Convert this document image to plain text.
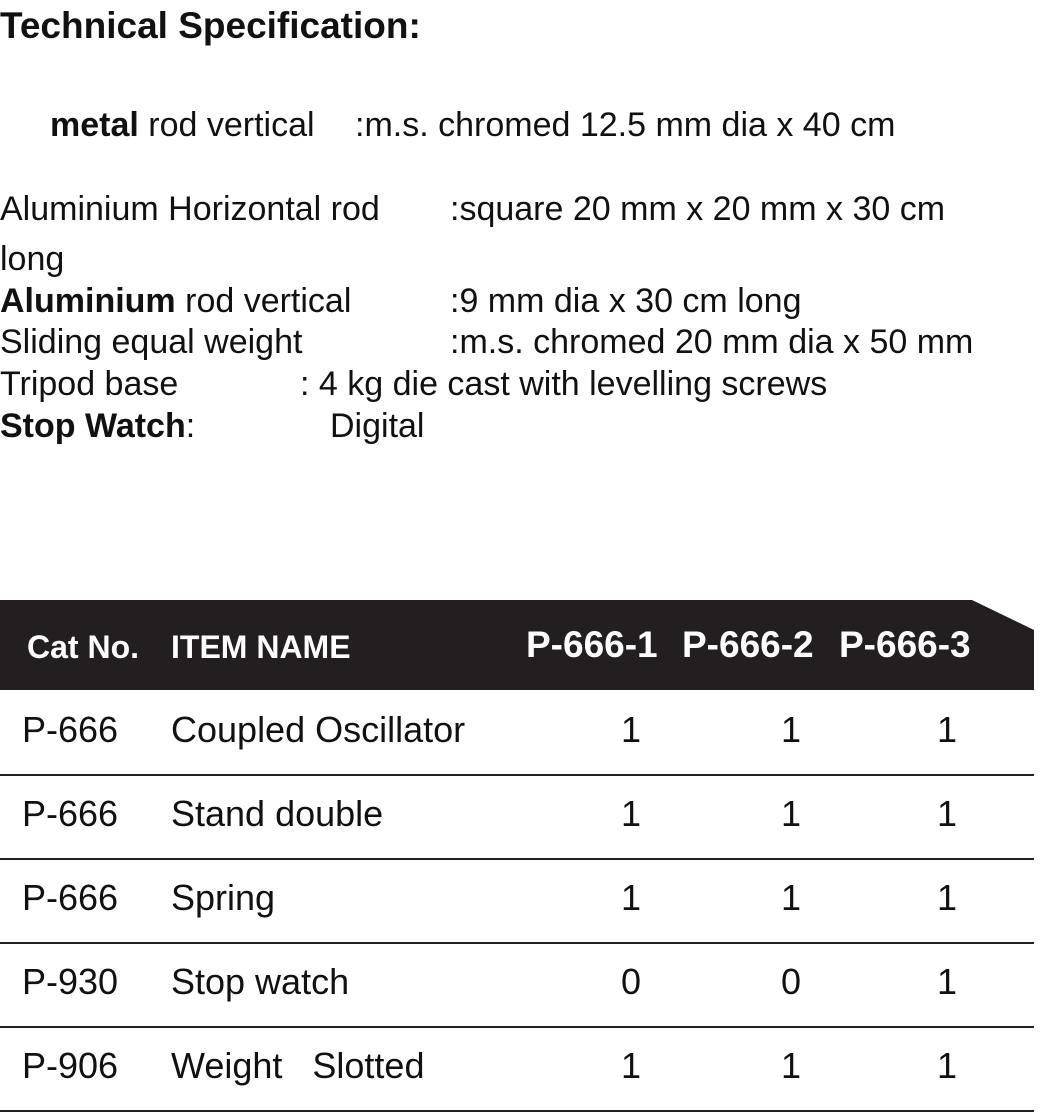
Technical Specification:
metal rod vertical :m.s. chromed 12.5 mm dia x 40 cm
Aluminium Horizontal rod :square 20 mm x 20 mm x 30 cm
long
Aluminium rod vertical	:9 mm dia x 30 cm long
Sliding equal weight	:m.s. chromed 20 mm dia x 50 mm
Tripod base	: 4 kg die cast with levelling screws
Stop Watch:	Digital
Cat No. ITEM NAME	P-666-1 P-666-2 P-666-3
P-666 Coupled Oscillator	1	1	1
P-666 Stand double	1	1	1
P-666 Spring	1	1	1
P-930 Stop watch	0	0	1
P-906 Weight   Slotted	1	1	1
